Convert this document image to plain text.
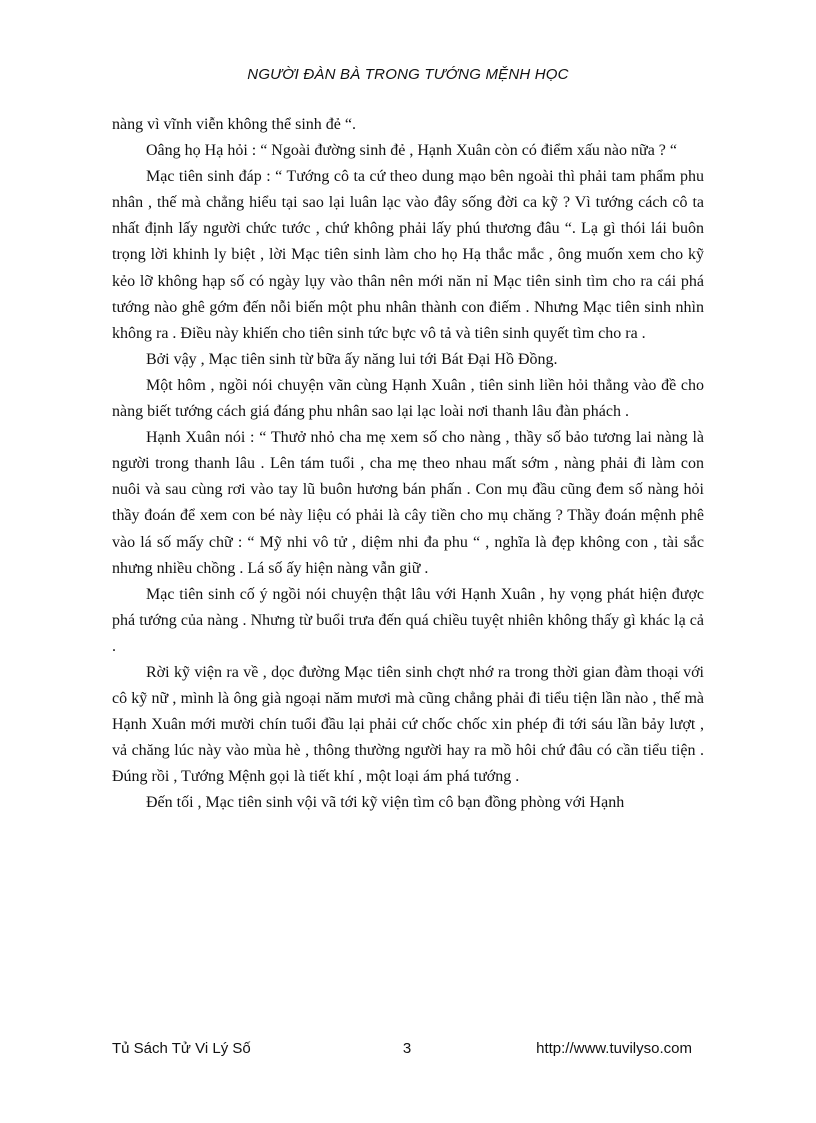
NGƯỜI ĐÀN BÀ TRONG TƯỚNG MỆNH HỌC

nàng vì vĩnh viễn không thể sinh đẻ “.

Oâng họ Hạ hỏi : “ Ngoài đường sinh đẻ , Hạnh Xuân còn có điểm xấu nào nữa ? “

Mạc tiên sinh đáp : “ Tướng cô ta cứ theo dung mạo bên ngoài thì phải tam phẩm phu nhân , thế mà chẳng hiểu tại sao lại luân lạc vào đây sống đời ca kỹ ? Vì tướng cách cô ta nhất định lấy người chức tước , chứ không phải lấy phú thương đâu “. Lạ gì thói lái buôn trọng lời khinh ly biệt , lời Mạc tiên sinh làm cho họ Hạ thắc mắc , ông muốn xem cho kỹ kẻo lỡ không hạp số có ngày lụy vào thân nên mới năn nỉ Mạc tiên sinh tìm cho ra cái phá tướng nào ghê gớm đến nỗi biến một phu nhân thành con điếm . Nhưng Mạc tiên sinh nhìn không ra . Điều này khiến cho tiên sinh tức bực vô tả và tiên sinh quyết tìm cho ra .

Bởi vậy , Mạc tiên sinh từ bữa ấy năng lui tới Bát Đại Hồ Đồng.

Một hôm , ngồi nói chuyện vãn cùng Hạnh Xuân , tiên sinh liền hỏi thẳng vào đề cho nàng biết tướng cách giá đáng phu nhân sao lại lạc loài nơi thanh lâu đàn phách .

Hạnh Xuân nói : “ Thưở nhỏ cha mẹ xem số cho nàng , thầy số bảo tương lai nàng là người trong thanh lâu . Lên tám tuổi , cha mẹ theo nhau mất sớm , nàng phải đi làm con nuôi và sau cùng rơi vào tay lũ buôn hương bán phấn . Con mụ đầu cũng đem số nàng hỏi thầy đoán để xem con bé này liệu có phải là cây tiền cho mụ chăng ? Thầy đoán mệnh phê vào lá số mấy chữ : “ Mỹ nhi vô tử , diệm nhi đa phu “ , nghĩa là đẹp không con , tài sắc nhưng nhiều chồng . Lá số ấy hiện nàng vẫn giữ .

Mạc tiên sinh cố ý ngồi nói chuyện thật lâu với Hạnh Xuân , hy vọng phát hiện được phá tướng của nàng . Nhưng từ buổi trưa đến quá chiều tuyệt nhiên không thấy gì khác lạ cả .

Rời kỹ viện ra về , dọc đường Mạc tiên sinh chợt nhớ ra trong thời gian đàm thoại với cô kỹ nữ , mình là ông già ngoại năm mươi mà cũng chẳng phải đi tiểu tiện lần nào , thế mà Hạnh Xuân mới mười chín tuổi đầu lại phải cứ chốc chốc xin phép đi tới sáu lần bảy lượt , vả chăng lúc này vào mùa hè , thông thường người hay ra mồ hôi chứ đâu có cần tiểu tiện . Đúng rồi , Tướng Mệnh gọi là tiết khí , một loại ám phá tướng .

Đến tối , Mạc tiên sinh vội vã tới kỹ viện tìm cô bạn đồng phòng với Hạnh

Tủ Sách Tử Vi Lý Số	3	http://www.tuvilyso.com
